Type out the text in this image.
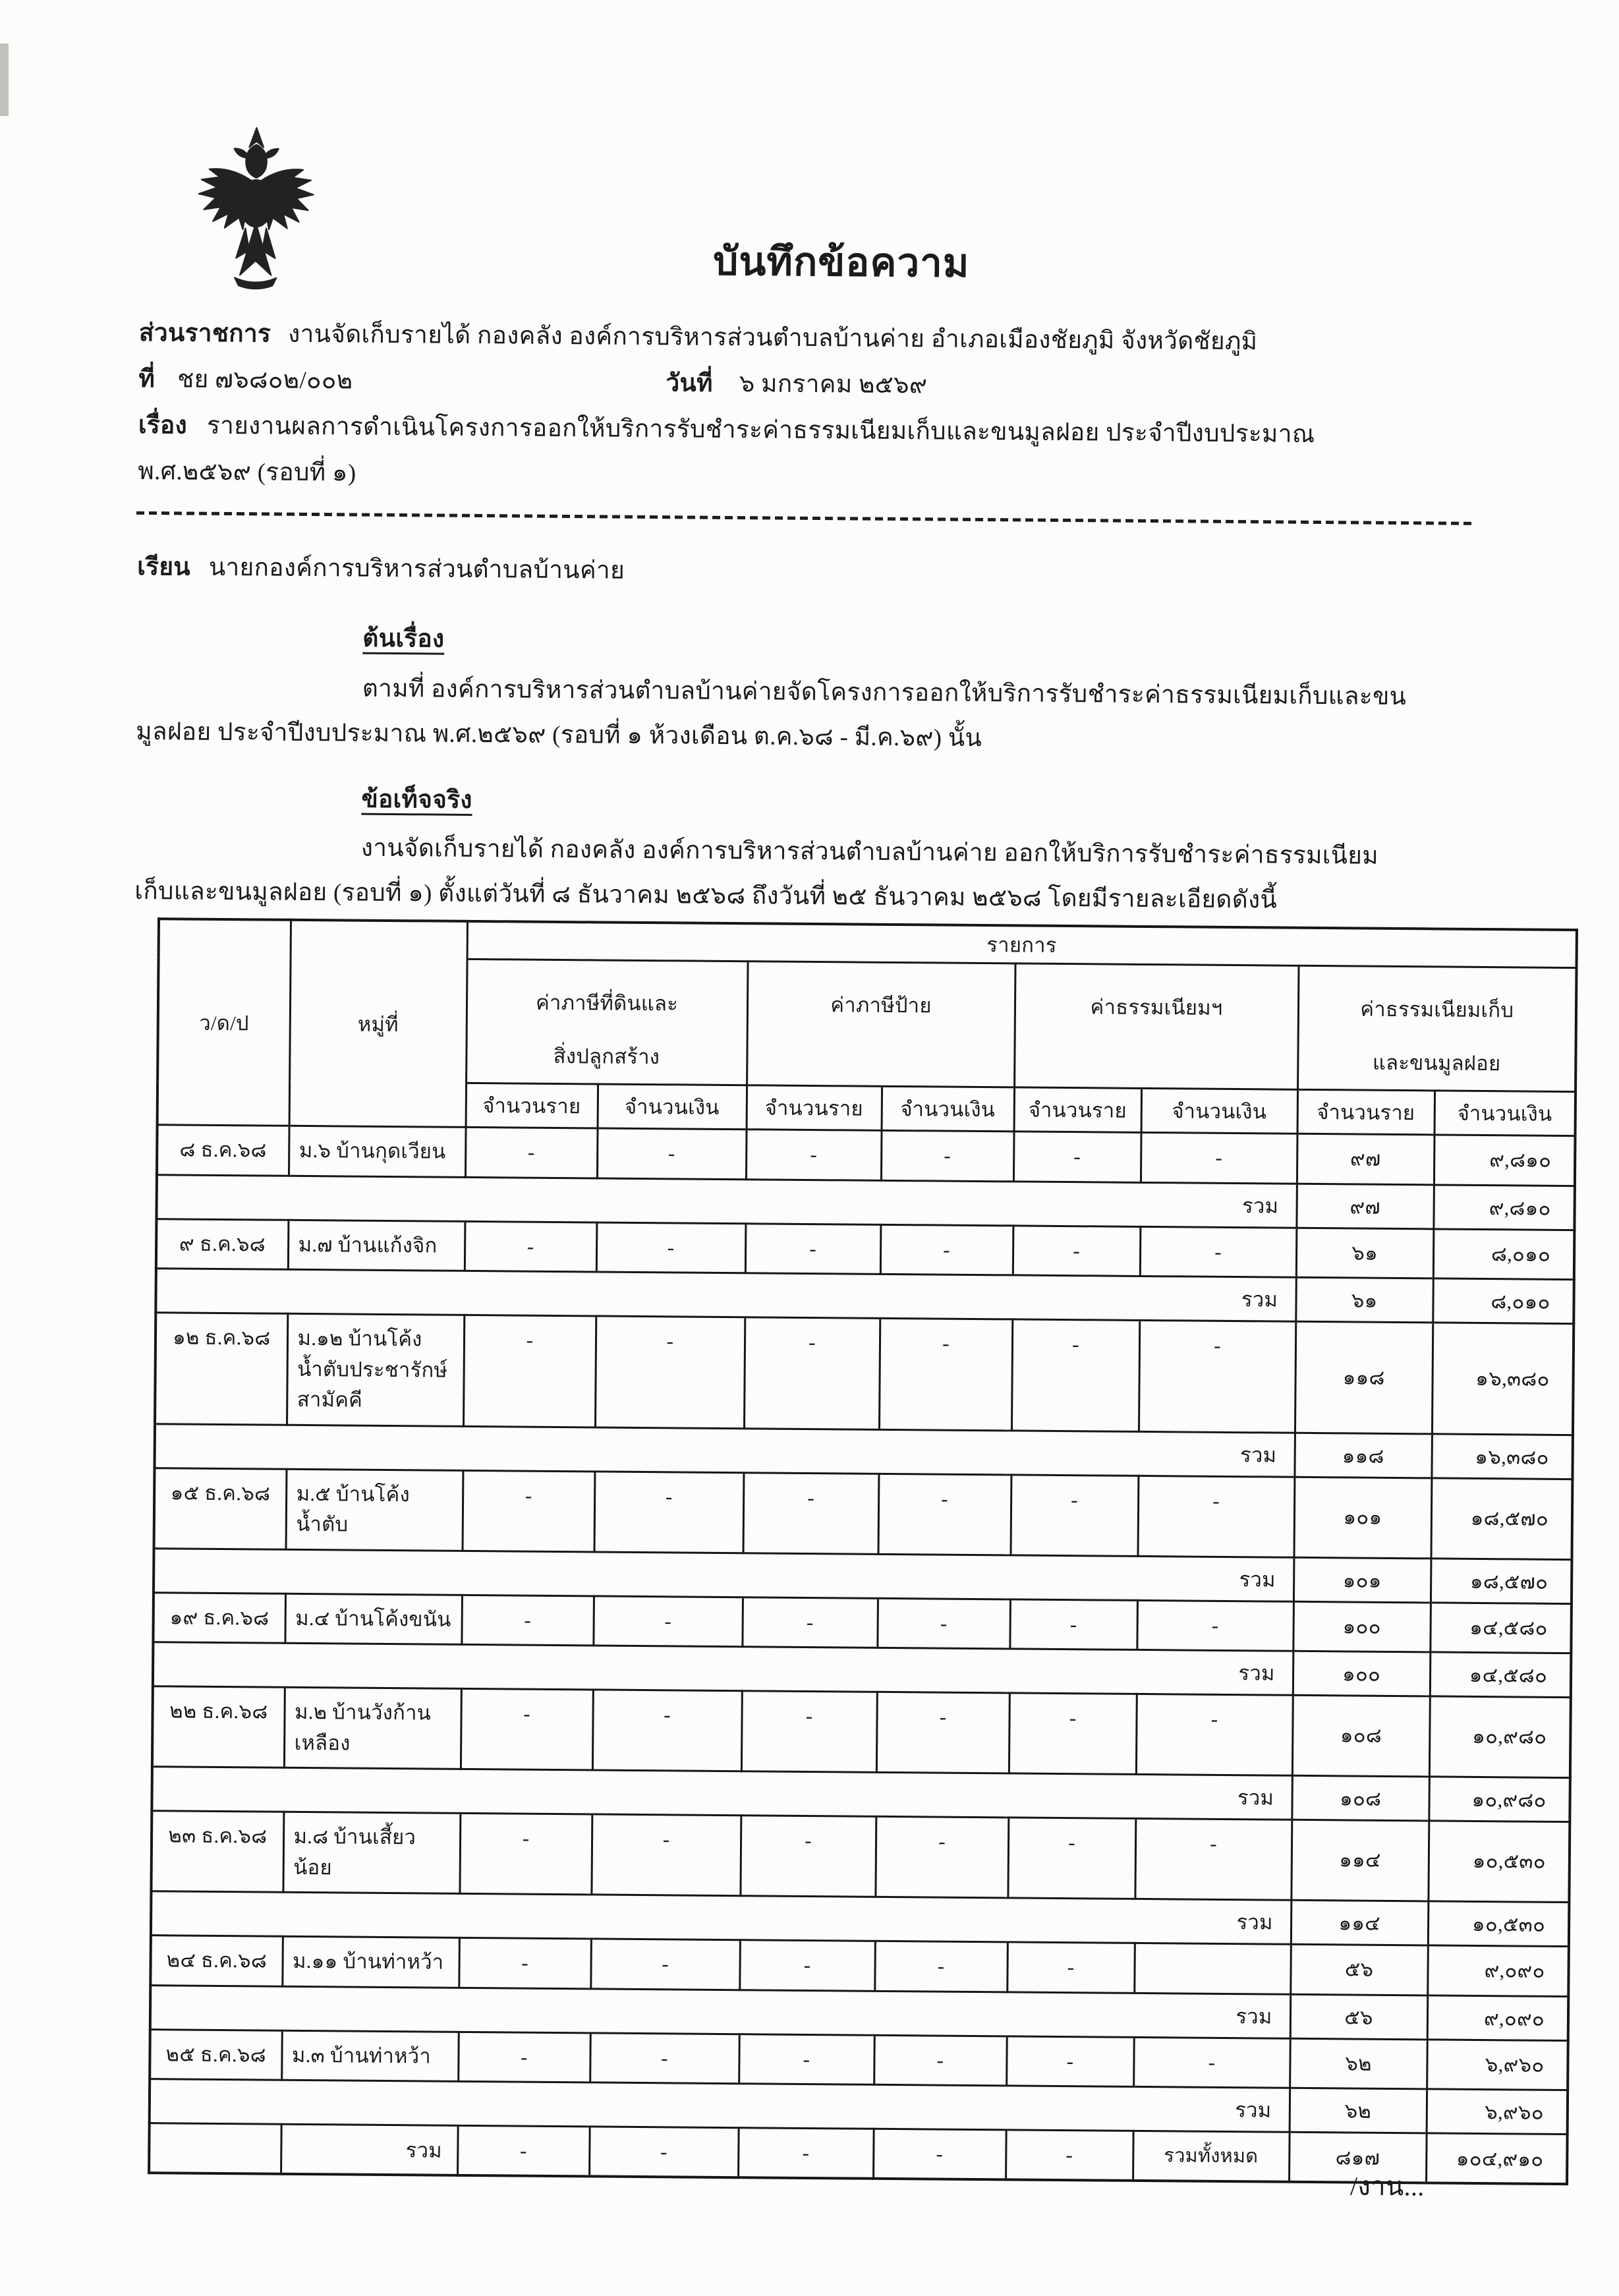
บันทึกข้อความ
ส่วนราชการ งานจัดเก็บรายได้ กองคลัง องค์การบริหารส่วนตำบลบ้านค่าย อำเภอเมืองชัยภูมิ จังหวัดชัยภูมิ
ที่ ชย ๗๖๘๐๒/๐๐๒	วันที่ ๖ มกราคม ๒๕๖๙
เรื่อง รายงานผลการดำเนินโครงการออกให้บริการรับชำระค่าธรรมเนียมเก็บและขนมูลฝอย ประจำปีงบประมาณ
พ.ศ.๒๕๖๙ (รอบที่ ๑)
เรียน นายกองค์การบริหารส่วนตำบลบ้านค่าย
ต้นเรื่อง
ตามที่ องค์การบริหารส่วนตำบลบ้านค่ายจัดโครงการออกให้บริการรับชำระค่าธรรมเนียมเก็บและขน
มูลฝอย ประจำปีงบประมาณ พ.ศ.๒๕๖๙ (รอบที่ ๑ ห้วงเดือน ต.ค.๖๘ - มี.ค.๖๙) นั้น
ข้อเท็จจริง
งานจัดเก็บรายได้ กองคลัง องค์การบริหารส่วนตำบลบ้านค่าย ออกให้บริการรับชำระค่าธรรมเนียม
เก็บและขนมูลฝอย (รอบที่ ๑) ตั้งแต่วันที่ ๘ ธันวาคม ๒๕๖๘ ถึงวันที่ ๒๕ ธันวาคม ๒๕๖๘ โดยมีรายละเอียดดังนี้
ว/ด/ป	หมู่ที่	รายการ							
		ค่าภาษีที่ดินและ
สิ่งปลูกสร้าง		ค่าภาษีป้าย		ค่าธรรมเนียมฯ		ค่าธรรมเนียมเก็บ
และขนมูลฝอย	
		จำนวนราย	จำนวนเงิน	จำนวนราย	จำนวนเงิน	จำนวนราย	จำนวนเงิน	จำนวนราย	จำนวนเงิน
๘ ธ.ค.๖๘	ม.๖ บ้านกุด​เวียน	-	-	-	-	-	-	๙๗	๙,๘๑๐
รวม								๙๗	๙,๘๑๐
๙ ธ.ค.๖๘	ม.๗ บ้านแก้งจิก	-	-	-	-	-	-	๖๑	๘,๐๑๐
รวม								๖๑	๘,๐๑๐
๑๒ ธ.ค.๖๘	ม.๑๒ บ้านโค้ง​น้ำตับประชา​รักษ์สามัคคี	-	-	-	-	-	-	๑๑๘	๑๖,๓๘๐
รวม								๑๑๘	๑๖,๓๘๐
๑๕ ธ.ค.๖๘	ม.๕ บ้านโค้ง​น้ำตับ	-	-	-	-	-	-	๑๐๑	๑๘,๕๗๐
รวม								๑๐๑	๑๘,๕๗๐
๑๙ ธ.ค.๖๘	ม.๔ บ้านโค้ง​ขนัน	-	-	-	-	-	-	๑๐๐	๑๔,๕๘๐
รวม								๑๐๐	๑๔,๕๘๐
๒๒ ธ.ค.๖๘	ม.๒ บ้านวัง​ก้านเหลือง	-	-	-	-	-	-	๑๐๘	๑๐,๙๘๐
รวม								๑๐๘	๑๐,๙๘๐
๒๓ ธ.ค.๖๘	ม.๘ บ้านเสี้ยว​น้อย	-	-	-	-	-	-	๑๑๔	๑๐,๕๓๐
รวม								๑๑๔	๑๐,๕๓๐
๒๔ ธ.ค.๖๘	ม.๑๑ บ้านท่าหว้า	-	-	-	-	-		๕๖	๙,๐๙๐
รวม								๕๖	๙,๐๙๐
๒๕ ธ.ค.๖๘	ม.๓ บ้านท่าหว้า	-	-	-	-	-	-	๖๒	๖,๙๖๐
รวม								๖๒	๖,๙๖๐
	รวม	-	-	-	-	-	รวมทั้งหมด	๘๑๗	๑๐๔,๙๑๐
/งาน...
